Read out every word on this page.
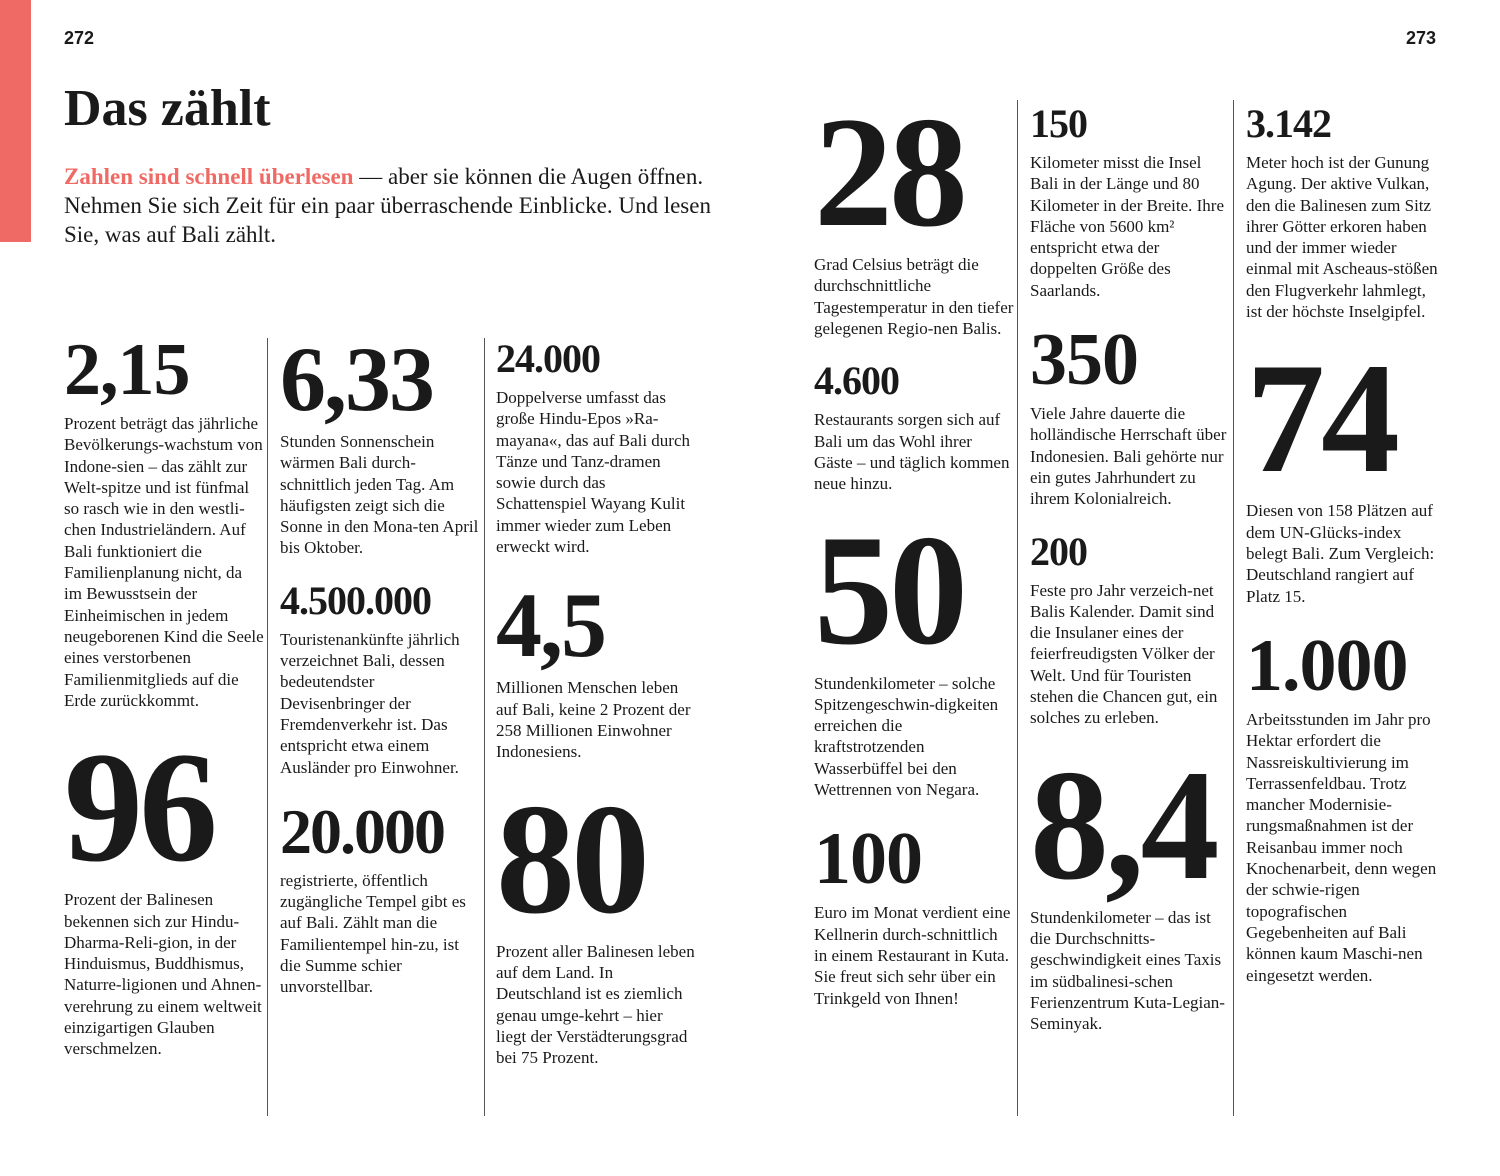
272	273
Das zählt
Zahlen sind schnell überlesen — aber sie können die Augen öffnen. Nehmen Sie sich Zeit für ein paar überraschende Einblicke. Und lesen Sie, was auf Bali zählt.
2,15
Prozent beträgt das jährliche Bevölkerungs-wachstum von Indone-sien – das zählt zur Welt-spitze und ist fünfmal so rasch wie in den westli-chen Industrieländern. Auf Bali funktioniert die Familienplanung nicht, da im Bewusstsein der Einheimischen in jedem neugeborenen Kind die Seele eines verstorbenen Familienmitglieds auf die Erde zurückkommt.
96
Prozent der Balinesen bekennen sich zur Hindu-Dharma-Reli-gion, in der Hinduismus, Buddhismus, Naturre-ligionen und Ahnen-verehrung zu einem weltweit einzigartigen Glauben verschmelzen.
6,33
Stunden Sonnenschein wärmen Bali durch-schnittlich jeden Tag. Am häufigsten zeigt sich die Sonne in den Mona-ten April bis Oktober.
4.500.000
Touristenankünfte jährlich verzeichnet Bali, dessen bedeutendster Devisenbringer der Fremdenverkehr ist. Das entspricht etwa einem Ausländer pro Einwohner.
20.000
registrierte, öffentlich zugängliche Tempel gibt es auf Bali. Zählt man die Familientempel hin-zu, ist die Summe schier unvorstellbar.
24.000
Doppelverse umfasst das große Hindu-Epos »Ra-mayana«, das auf Bali durch Tänze und Tanz-dramen sowie durch das Schattenspiel Wayang Kulit immer wieder zum Leben erweckt wird.
4,5
Millionen Menschen leben auf Bali, keine 2 Prozent der 258 Millionen Einwohner Indonesiens.
80
Prozent aller Balinesen leben auf dem Land. In Deutschland ist es ziemlich genau umge-kehrt – hier liegt der Verstädterungsgrad bei 75 Prozent.
28
Grad Celsius beträgt die durchschnittliche Tagestemperatur in den tiefer gelegenen Regio-nen Balis.
4.600
Restaurants sorgen sich auf Bali um das Wohl ihrer Gäste – und täglich kommen neue hinzu.
50
Stundenkilometer – solche Spitzengeschwin-digkeiten erreichen die kraftstrotzenden Wasserbüffel bei den Wettrennen von Negara.
100
Euro im Monat verdient eine Kellnerin durch-schnittlich in einem Restaurant in Kuta. Sie freut sich sehr über ein Trinkgeld von Ihnen!
150
Kilometer misst die Insel Bali in der Länge und 80 Kilometer in der Breite. Ihre Fläche von 5600 km² entspricht etwa der doppelten Größe des Saarlands.
350
Viele Jahre dauerte die holländische Herrschaft über Indonesien. Bali gehörte nur ein gutes Jahrhundert zu ihrem Kolonialreich.
200
Feste pro Jahr verzeich-net Balis Kalender. Damit sind die Insulaner eines der feierfreudigsten Völker der Welt. Und für Touristen stehen die Chancen gut, ein solches zu erleben.
8,4
Stundenkilometer – das ist die Durchschnitts-geschwindigkeit eines Taxis im südbalinesi-schen Ferienzentrum Kuta-Legian-Seminyak.
3.142
Meter hoch ist der Gunung Agung. Der aktive Vulkan, den die Balinesen zum Sitz ihrer Götter erkoren haben und der immer wieder einmal mit Ascheaus-stößen den Flugverkehr lahmlegt, ist der höchste Inselgipfel.
74
Diesen von 158 Plätzen auf dem UN-Glücks-index belegt Bali. Zum Vergleich: Deutschland rangiert auf Platz 15.
1.000
Arbeitsstunden im Jahr pro Hektar erfordert die Nassreiskultivierung im Terrassenfeldbau. Trotz mancher Modernisie-rungsmaßnahmen ist der Reisanbau immer noch Knochenarbeit, denn wegen der schwie-rigen topografischen Gegebenheiten auf Bali können kaum Maschi-nen eingesetzt werden.
